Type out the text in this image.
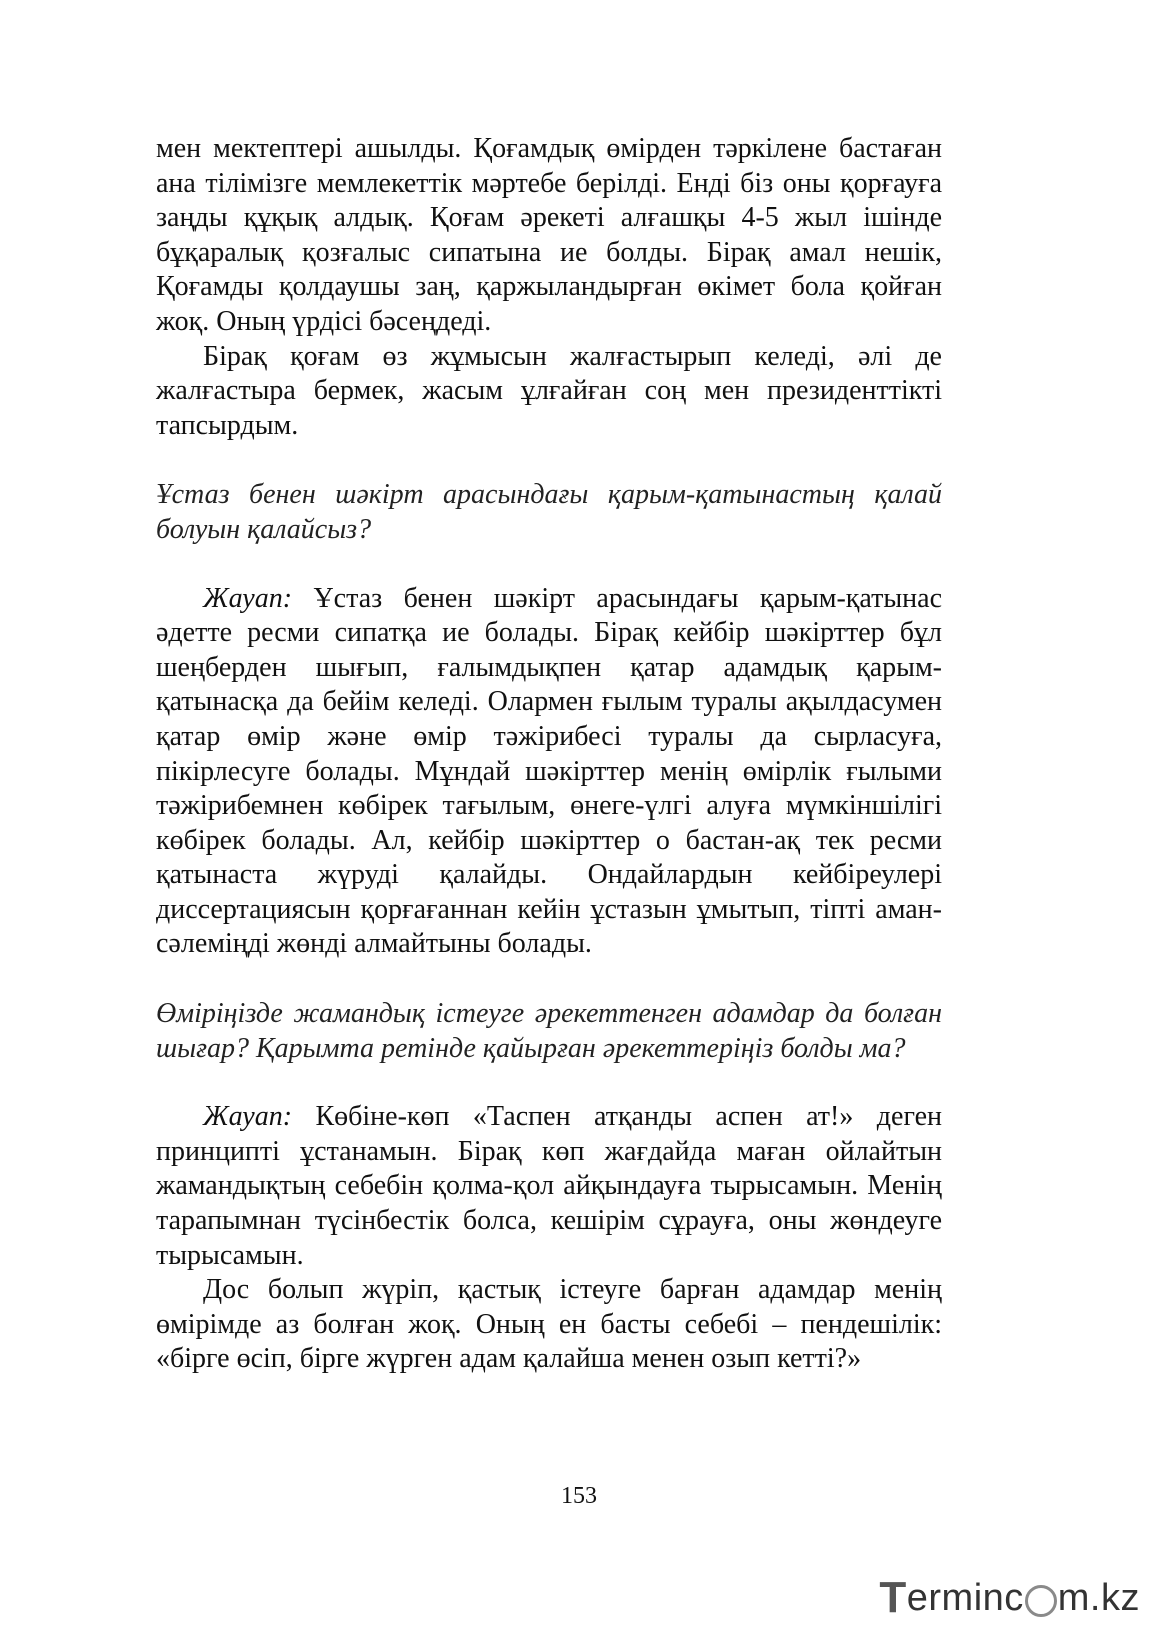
мен мектептері ашылды. Қоғамдық өмірден тәркілене бастаған ана тілімізге мемлекеттік мәртебе берілді. Енді біз оны қорғауға заңды құқық алдық. Қоғам әрекеті алғашқы 4-5 жыл ішінде бұқаралық қозғалыс сипатына ие болды. Бірақ амал нешік, Қоғамды қолдаушы заң, қаржыландырған өкімет бола қойған жоқ. Оның үрдісі бәсеңдеді.

Бірақ қоғам өз жұмысын жалғастырып келеді, әлі де жалғастыра бермек, жасым ұлғайған соң мен президенттікті тапсырдым.

Ұстаз бенен шәкірт арасындағы қарым-қатынастың қалай болуын қалайсыз?

Жауап: Ұстаз бенен шәкірт арасындағы қарым-қатынас әдетте ресми сипатқа ие болады. Бірақ кейбір шәкірттер бұл шеңберден шығып, ғалымдықпен қатар адамдық қарым-қатынасқа да бейім келеді. Олармен ғылым туралы ақылдасумен қатар өмір және өмір тәжірибесі туралы да сырласуға, пікірлесуге болады. Мұндай шәкірттер менің өмірлік ғылыми тәжірибемнен көбірек тағылым, өнеге-үлгі алуға мүмкіншілігі көбірек болады. Ал, кейбір шәкірттер о бастан-ақ тек ресми қатынаста жүруді қалайды. Ондайлардын кейбіреулері диссертациясын қорғағаннан кейін ұстазын ұмытып, тіпті аман-сәлеміңді жөнді алмайтыны болады.

Өміріңізде жамандық істеуге әрекеттенген адамдар да болған шығар? Қарымта ретінде қайырған әрекеттеріңіз болды ма?

Жауап: Көбіне-көп «Таспен атқанды аспен ат!» деген принципті ұстанамын. Бірақ көп жағдайда маған ойлайтын жамандықтың себебін қолма-қол айқындауға тырысамын. Менің тарапымнан түсінбестік болса, кешірім сұрауға, оны жөндеуге тырысамын.

Дос болып жүріп, қастық істеуге барған адамдар менің өмірімде аз болған жоқ. Оның ен басты себебі – пендешілік: «бірге өсіп, бірге жүрген адам қалайша менен озып кетті?»

153
T erminc m.kz
